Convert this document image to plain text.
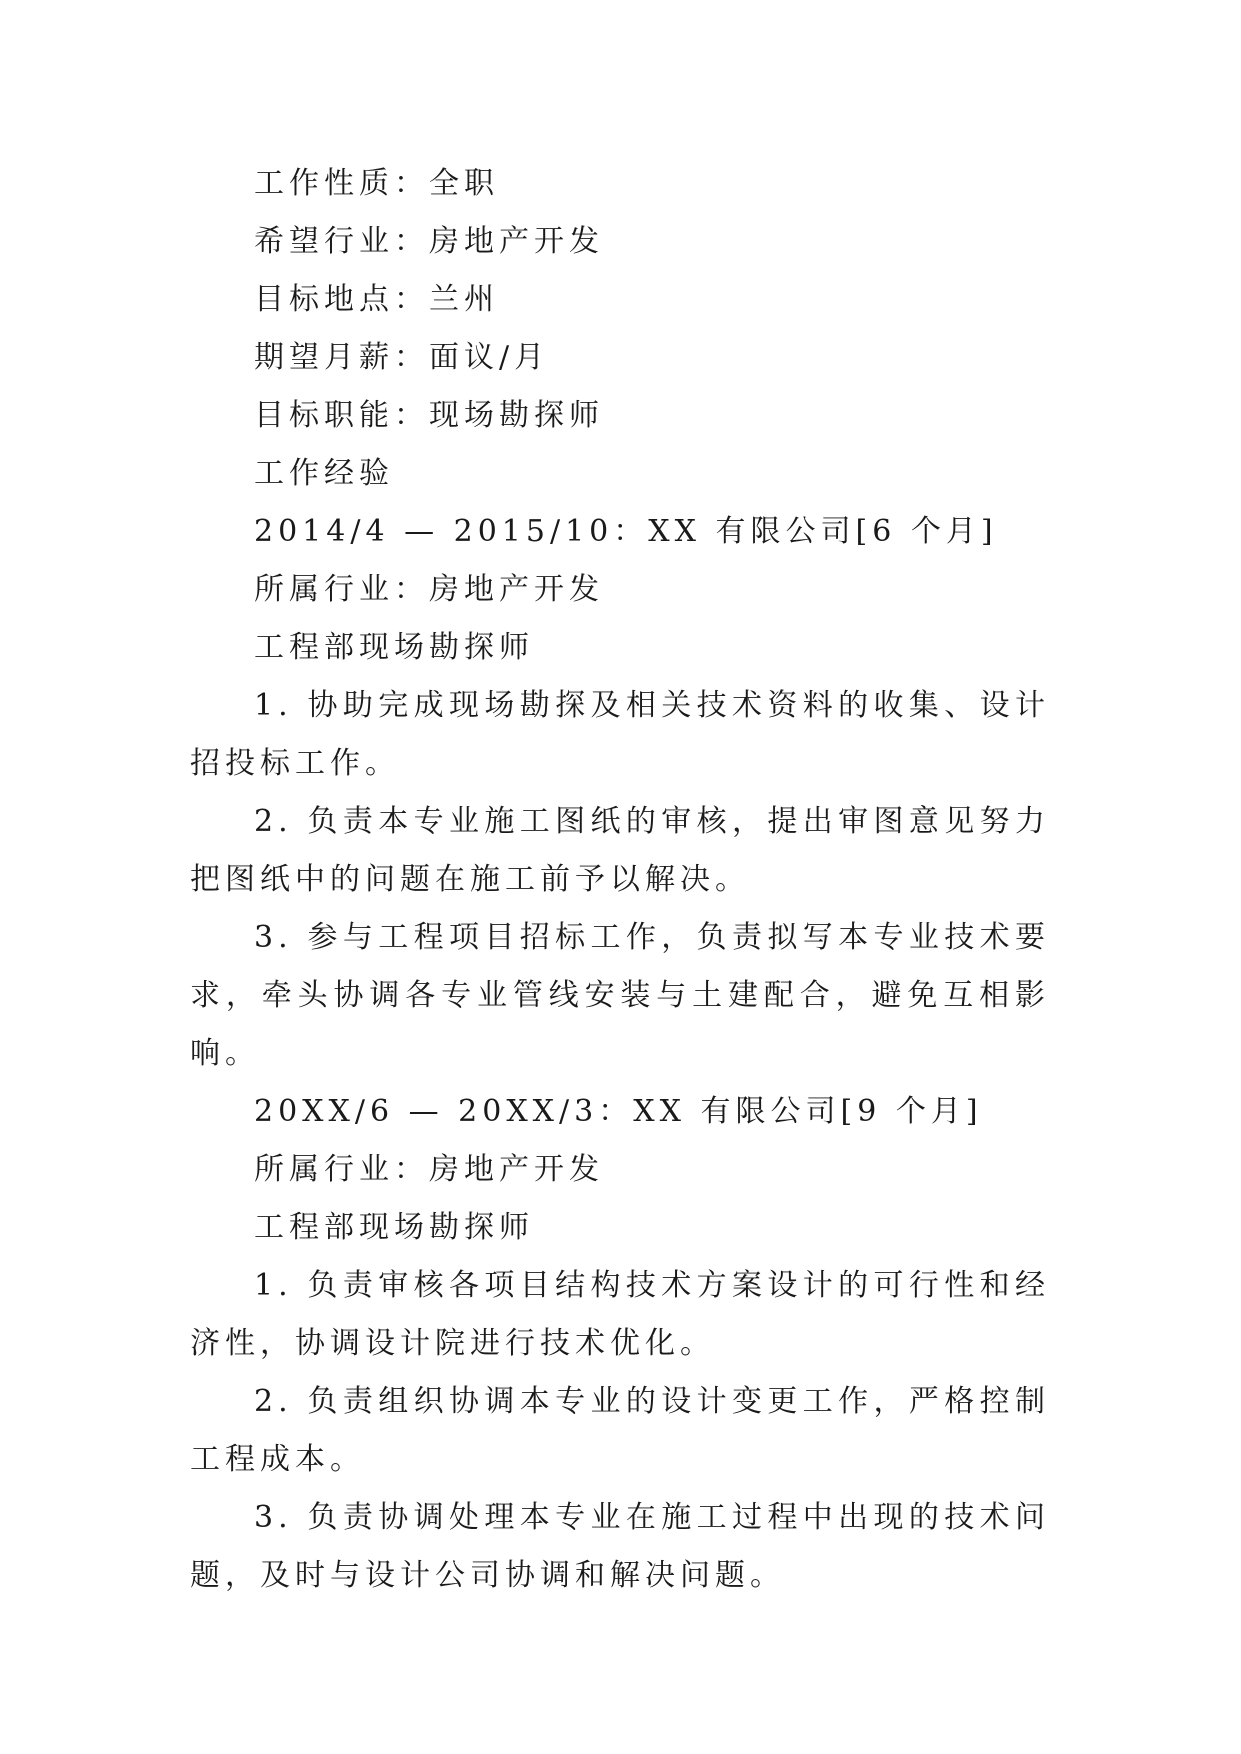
工作性质：全职
希望行业：房地产开发
目标地点：兰州
期望月薪：面议/月
目标职能：现场勘探师
工作经验
2014/4 — 2015/10：XX 有限公司[6 个月]
所属行业：房地产开发
工程部现场勘探师

1. 协助完成现场勘探及相关技术资料的收集、设计招投标工作。

2. 负责本专业施工图纸的审核，提出审图意见努力把图纸中的问题在施工前予以解决。

3. 参与工程项目招标工作，负责拟写本专业技术要求，牵头协调各专业管线安装与土建配合，避免互相影响。

20XX/6 — 20XX/3：XX 有限公司[9 个月]
所属行业：房地产开发
工程部现场勘探师

1. 负责审核各项目结构技术方案设计的可行性和经济性，协调设计院进行技术优化。

2. 负责组织协调本专业的设计变更工作，严格控制工程成本。

3. 负责协调处理本专业在施工过程中出现的技术问题，及时与设计公司协调和解决问题。
